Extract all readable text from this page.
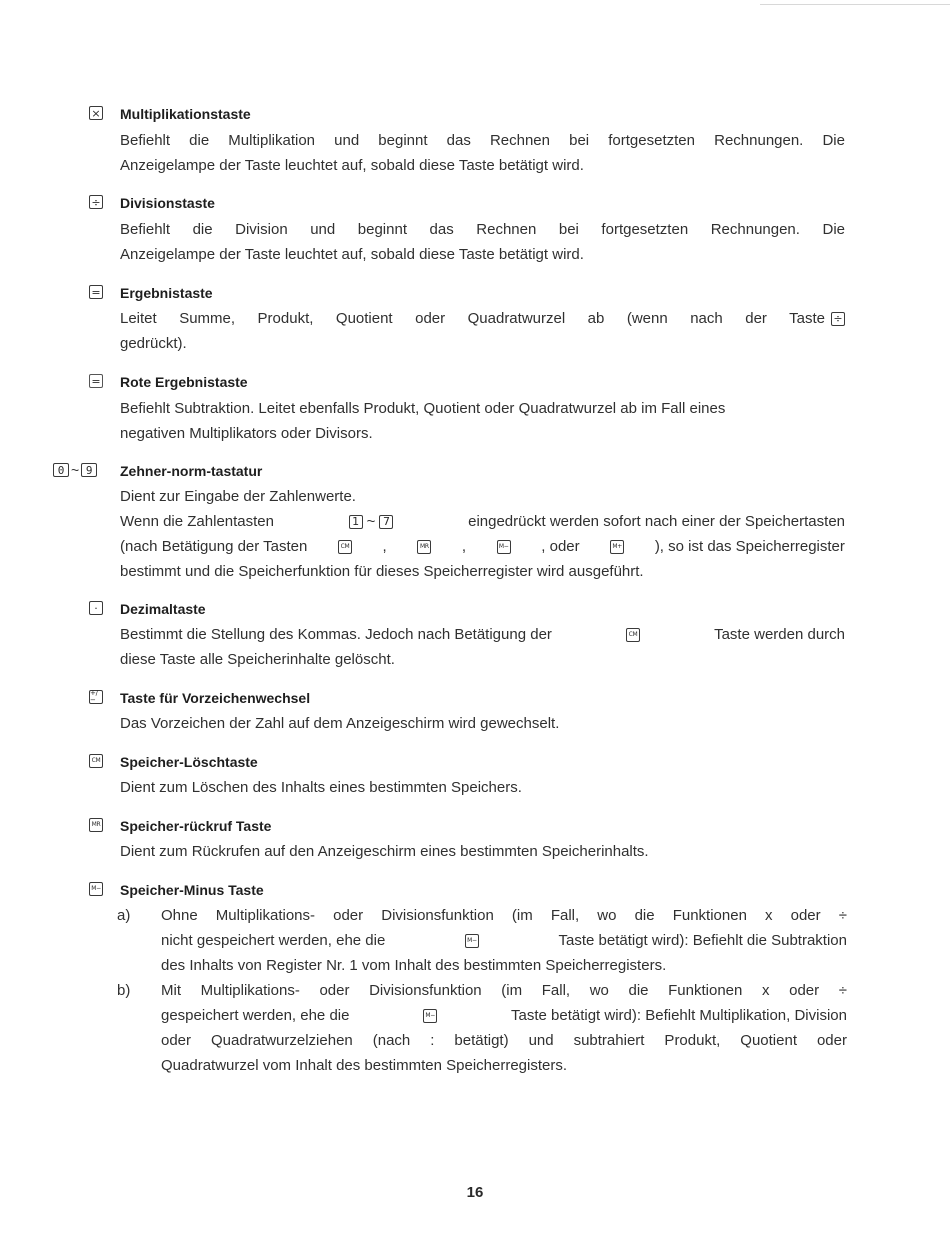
× Multiplikationstaste
Befiehlt die Multiplikation und beginnt das Rechnen bei fortgesetzten Rechnungen. Die
Anzeigelampe der Taste leuchtet auf, sobald diese Taste betätigt wird.
÷ Divisionstaste
Befiehlt die Division und beginnt das Rechnen bei fortgesetzten Rechnungen. Die
Anzeigelampe der Taste leuchtet auf, sobald diese Taste betätigt wird.
= Ergebnistaste
Leitet Summe, Produkt, Quotient oder Quadratwurzel ab (wenn nach der Taste ÷
gedrückt).
= Rote Ergebnistaste
Befiehlt Subtraktion. Leitet ebenfalls Produkt, Quotient oder Quadratwurzel ab im Fall eines
negativen Multiplikators oder Divisors.
0 ~ 9	Zehner-norm-tastatur
Dient zur Eingabe der Zahlenwerte.
Wenn die Zahlentasten	1 ~ 7	eingedrückt werden sofort nach einer der Speichertasten
(nach Betätigung der Tasten	CM ,	MR ,	M− , oder	M+ ), so ist das Speicherregister
bestimmt und die Speicherfunktion für dieses Speicherregister wird ausgeführt.
·	Dezimaltaste
Bestimmt die Stellung des Kommas. Jedoch nach Betätigung der	CM	Taste werden durch
diese Taste alle Speicherinhalte gelöscht.
+/−	Taste für Vorzeichenwechsel
Das Vorzeichen der Zahl auf dem Anzeigeschirm wird gewechselt.
CM Speicher-Löschtaste
Dient zum Löschen des Inhalts eines bestimmten Speichers.
MR Speicher-rückruf Taste
Dient zum Rückrufen auf den Anzeigeschirm eines bestimmten Speicherinhalts.
M− Speicher-Minus Taste
a) Ohne Multiplikations- oder Divisionsfunktion (im Fall, wo die Funktionen x oder ÷
nicht gespeichert werden, ehe die	M−	Taste betätigt wird): Befiehlt die Subtraktion
des Inhalts von Register Nr. 1 vom Inhalt des bestimmten Speicherregisters.
b) Mit Multiplikations- oder Divisionsfunktion (im Fall, wo die Funktionen x oder ÷
gespeichert werden, ehe die	M−	Taste betätigt wird): Befiehlt Multiplikation, Division
oder Quadratwurzelziehen (nach : betätigt) und subtrahiert Produkt, Quotient oder
Quadratwurzel vom Inhalt des bestimmten Speicherregisters.
16
